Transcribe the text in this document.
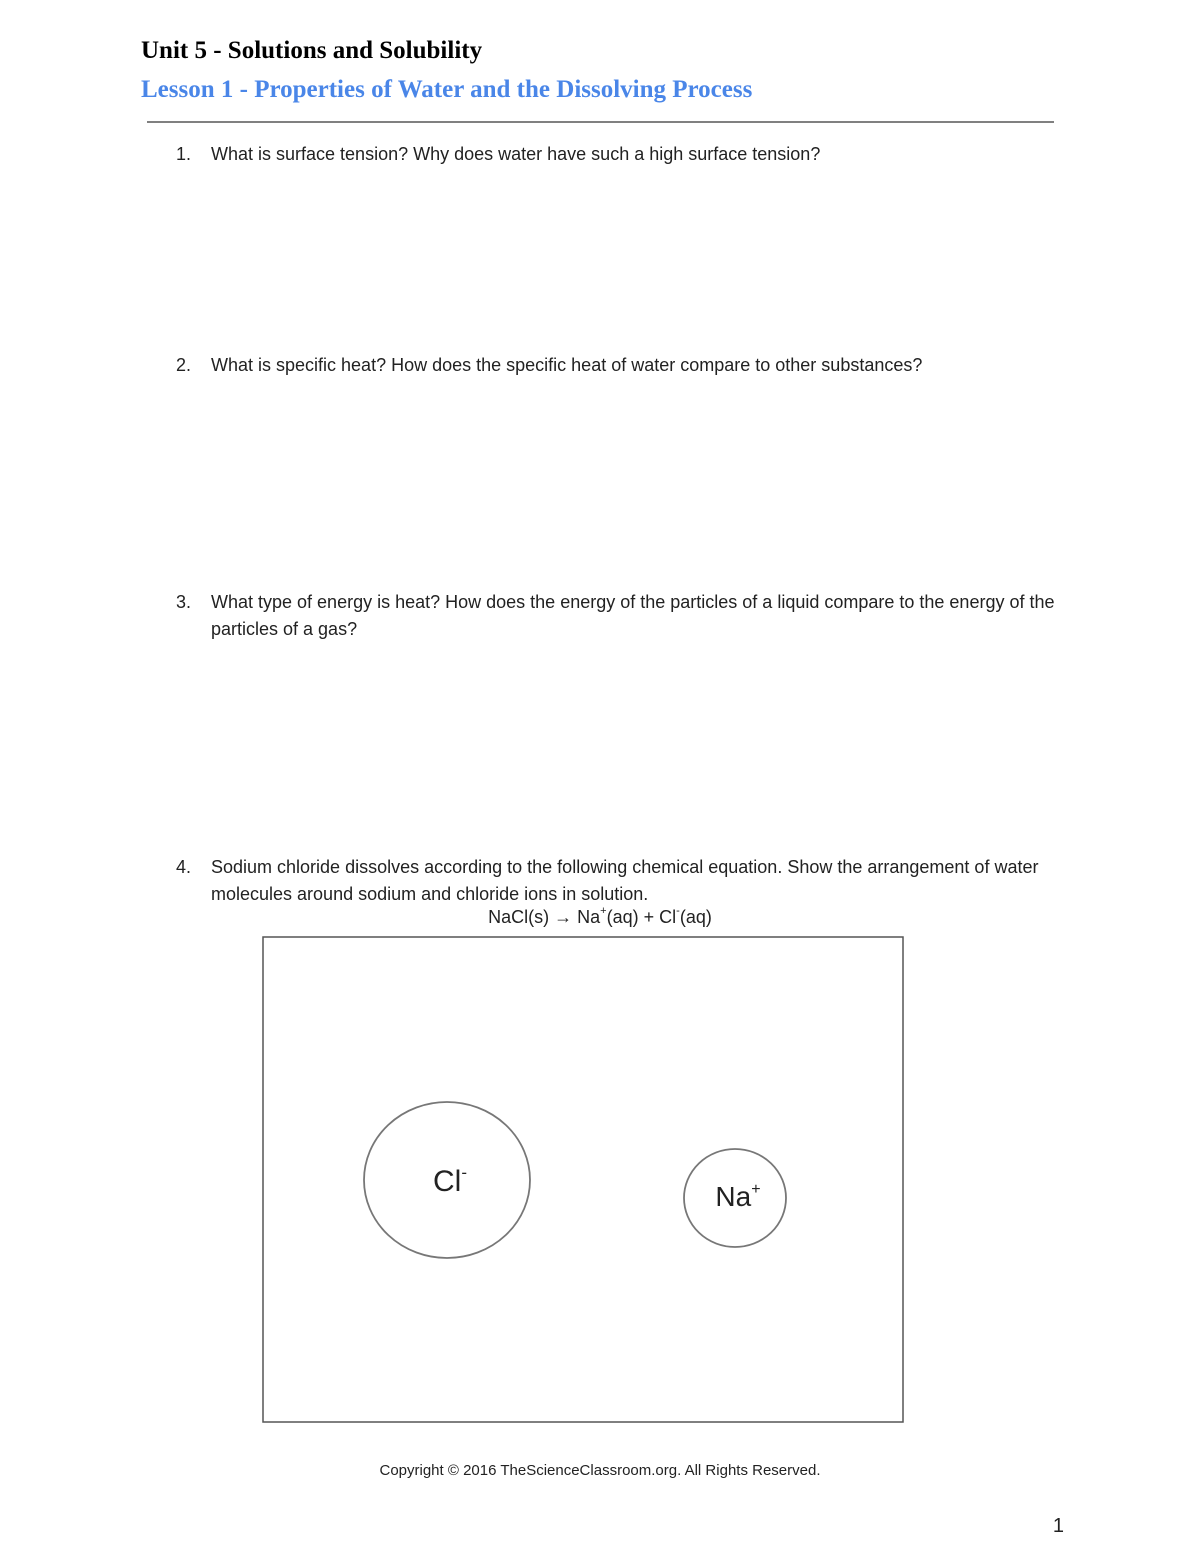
Unit 5 - Solutions and Solubility
Lesson 1 - Properties of Water and the Dissolving Process
1. What is surface tension? Why does water have such a high surface tension?
2. What is specific heat? How does the specific heat of water compare to other substances?
3. What type of energy is heat? How does the energy of the particles of a liquid compare to the energy of the particles of a gas?
4. Sodium chloride dissolves according to the following chemical equation. Show the arrangement of water molecules around sodium and chloride ions in solution.
NaCl(s) → Na+(aq) + Cl-(aq)
Cl-
Na+
Copyright © 2016 TheScienceClassroom.org. All Rights Reserved.
1
